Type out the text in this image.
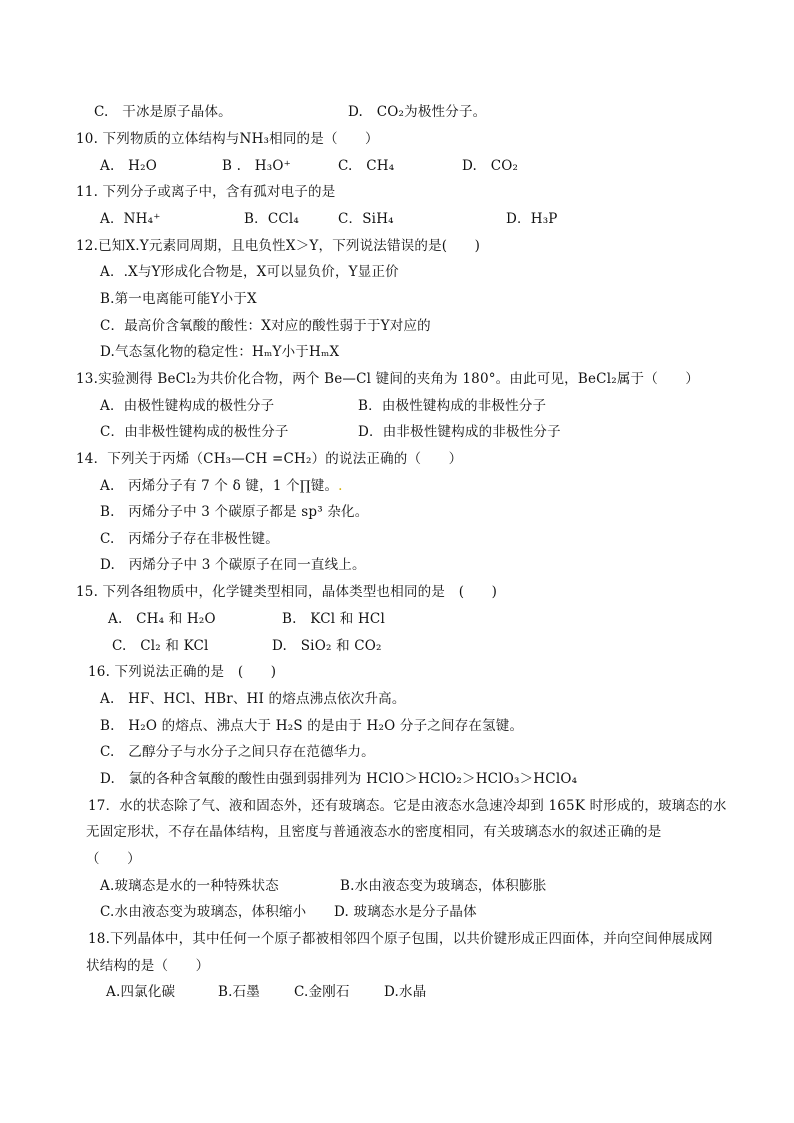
C.　干冰是原子晶体。	D.　CO₂为极性分子。
10. 下列物质的立体结构与NH₃相同的是（　　）
A.　H₂O	B .　H₃O⁺	C.　CH₄	D.　CO₂
11. 下列分子或离子中，含有孤对电子的是
A．NH₄⁺	B．CCl₄	C．SiH₄	D．H₃P
12.已知X.Y元素同周期，且电负性X＞Y，下列说法错误的是(　　)
A．.X与Y形成化合物是，X可以显负价，Y显正价
B.第一电离能可能Y小于X
C．最高价含氧酸的酸性：X对应的酸性弱于于Y对应的
D.气态氢化物的稳定性：HₘY小于HₘX
13.实验测得 BeCl₂为共价化合物，两个 Be—Cl 键间的夹角为 180°。由此可见，BeCl₂属于（　　）
A．由极性键构成的极性分子	B．由极性键构成的非极性分子
C．由非极性键构成的极性分子	D．由非极性键构成的非极性分子
14．下列关于丙烯（CH₃—CH =CH₂）的说法正确的（　　）
A.　丙烯分子有 7 个 δ 键，1 个∏键。.
B.　丙烯分子中 3 个碳原子都是 sp³ 杂化。
C.　丙烯分子存在非极性键。
D.　丙烯分子中 3 个碳原子在同一直线上。
15. 下列各组物质中，化学键类型相同，晶体类型也相同的是　(　　)
A.　CH₄ 和 H₂O	B.　KCl 和 HCl
C.　Cl₂ 和 KCl	D.　SiO₂ 和 CO₂
16. 下列说法正确的是　(　　)
A.　HF、HCl、HBr、HI 的熔点沸点依次升高。
B.　H₂O 的熔点、沸点大于 H₂S 的是由于 H₂O 分子之间存在氢键。
C.　乙醇分子与水分子之间只存在范德华力。
D.　氯的各种含氧酸的酸性由强到弱排列为 HClO＞HClO₂＞HClO₃＞HClO₄
17．水的状态除了气、液和固态外，还有玻璃态。它是由液态水急速冷却到 165K 时形成的，玻璃态的水
无固定形状，不存在晶体结构，且密度与普通液态水的密度相同，有关玻璃态水的叙述正确的是
（　　）
A.玻璃态是水的一种特殊状态	B.水由液态变为玻璃态，体积膨胀
C.水由液态变为玻璃态，体积缩小 D. 玻璃态水是分子晶体
18.下列晶体中，其中任何一个原子都被相邻四个原子包围，以共价键形成正四面体，并向空间伸展成网
状结构的是（　　）
A.四氯化碳	B.石墨	C.金刚石	D.水晶
